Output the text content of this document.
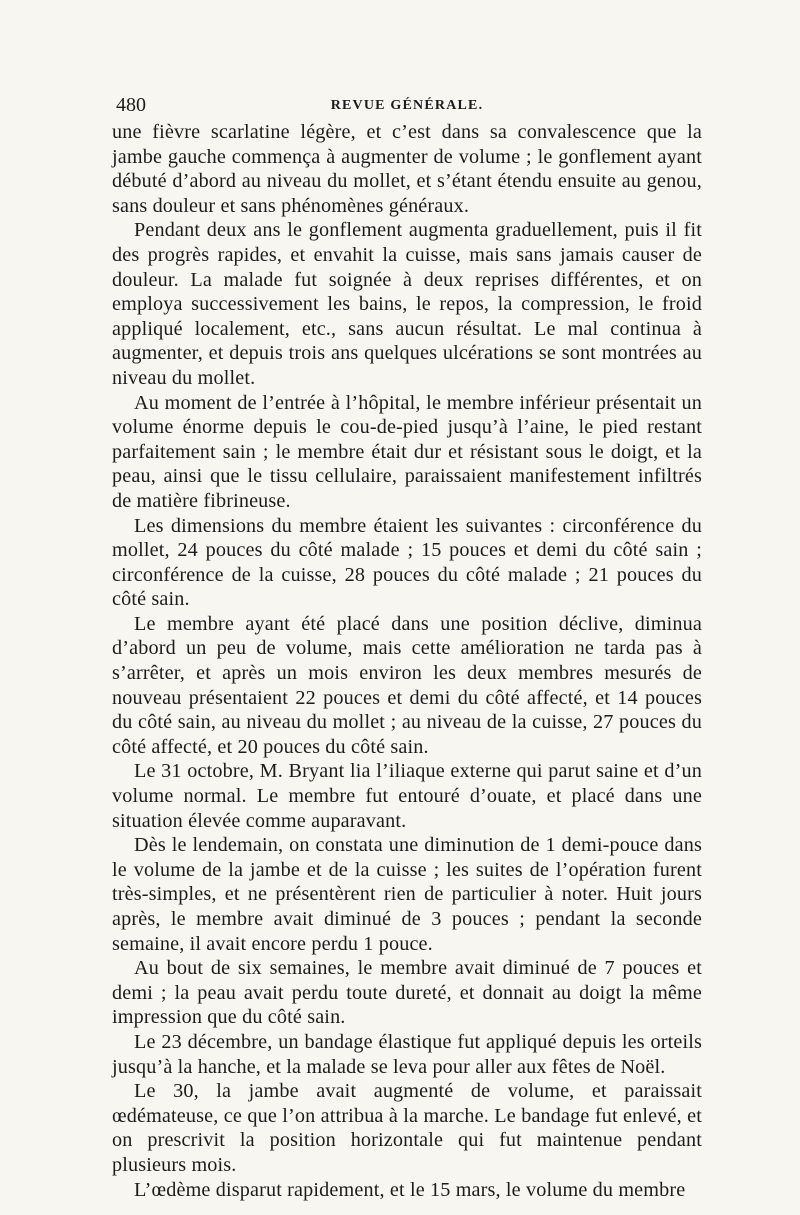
480	REVUE GÉNÉRALE.

une fièvre scarlatine légère, et c’est dans sa convalescence que la jambe gauche commença à augmenter de volume ; le gonflement ayant débuté d’abord au niveau du mollet, et s’étant étendu ensuite au genou, sans douleur et sans phénomènes généraux.

Pendant deux ans le gonflement augmenta graduellement, puis il fit des progrès rapides, et envahit la cuisse, mais sans jamais causer de douleur. La malade fut soignée à deux reprises différentes, et on employa successivement les bains, le repos, la compression, le froid appliqué localement, etc., sans aucun résultat. Le mal continua à augmenter, et depuis trois ans quelques ulcérations se sont montrées au niveau du mollet.

Au moment de l’entrée à l’hôpital, le membre inférieur présentait un volume énorme depuis le cou-de-pied jusqu’à l’aine, le pied restant parfaitement sain ; le membre était dur et résistant sous le doigt, et la peau, ainsi que le tissu cellulaire, paraissaient manifestement infiltrés de matière fibrineuse.

Les dimensions du membre étaient les suivantes : circonférence du mollet, 24 pouces du côté malade ; 15 pouces et demi du côté sain ; circonférence de la cuisse, 28 pouces du côté malade ; 21 pouces du côté sain.

Le membre ayant été placé dans une position déclive, diminua d’abord un peu de volume, mais cette amélioration ne tarda pas à s’arrêter, et après un mois environ les deux membres mesurés de nouveau présentaient 22 pouces et demi du côté affecté, et 14 pouces du côté sain, au niveau du mollet ; au niveau de la cuisse, 27 pouces du côté affecté, et 20 pouces du côté sain.

Le 31 octobre, M. Bryant lia l’iliaque externe qui parut saine et d’un volume normal. Le membre fut entouré d’ouate, et placé dans une situation élevée comme auparavant.

Dès le lendemain, on constata une diminution de 1 demi-pouce dans le volume de la jambe et de la cuisse ; les suites de l’opération furent très-simples, et ne présentèrent rien de particulier à noter. Huit jours après, le membre avait diminué de 3 pouces ; pendant la seconde semaine, il avait encore perdu 1 pouce.

Au bout de six semaines, le membre avait diminué de 7 pouces et demi ; la peau avait perdu toute dureté, et donnait au doigt la même impression que du côté sain.

Le 23 décembre, un bandage élastique fut appliqué depuis les orteils jusqu’à la hanche, et la malade se leva pour aller aux fêtes de Noël.

Le 30, la jambe avait augmenté de volume, et paraissait œdémateuse, ce que l’on attribua à la marche. Le bandage fut enlevé, et on prescrivit la position horizontale qui fut maintenue pendant plusieurs mois.

L’œdème disparut rapidement, et le 15 mars, le volume du membre
